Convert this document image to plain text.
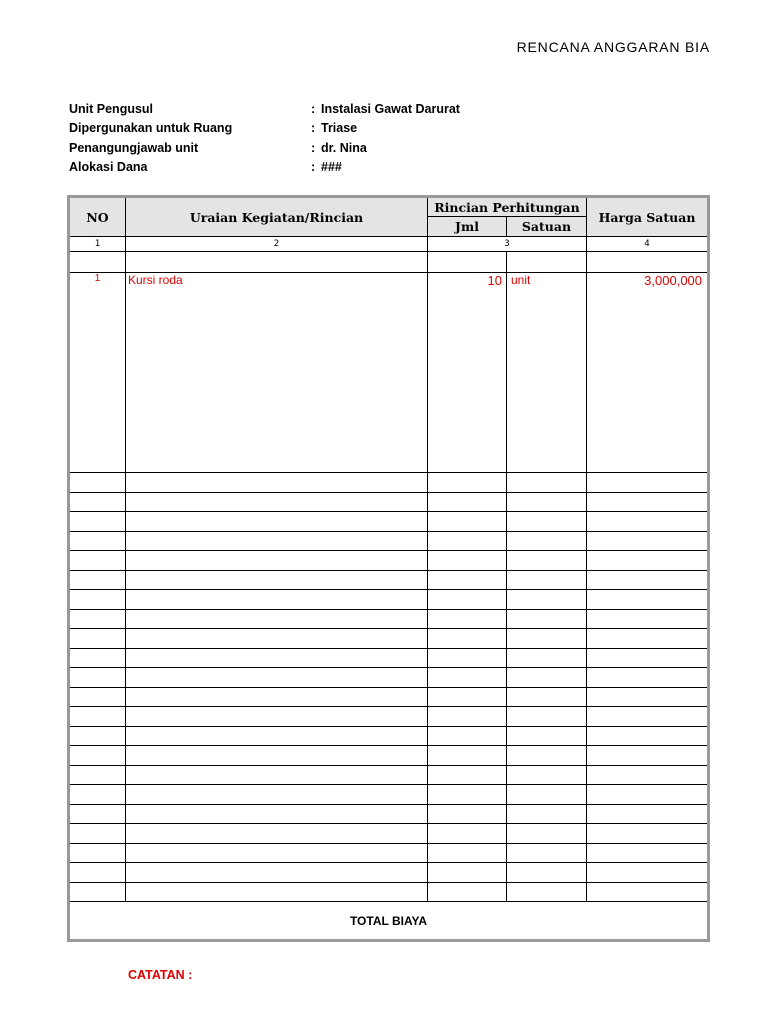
RENCANA ANGGARAN BIA
Unit Pengusul	: Instalasi Gawat Darurat
Dipergunakan untuk Ruang	: Triase
Penangungjawab unit	: dr. Nina
Alokasi Dana	: ###
NO	Uraian Kegiatan/Rincian	Rincian Perhitungan		Harga Satuan
		Jml	Satuan	
1	2	3		4

1	Kursi roda	10	unit	3,000,000

TOTAL BIAYA				
CATATAN :
